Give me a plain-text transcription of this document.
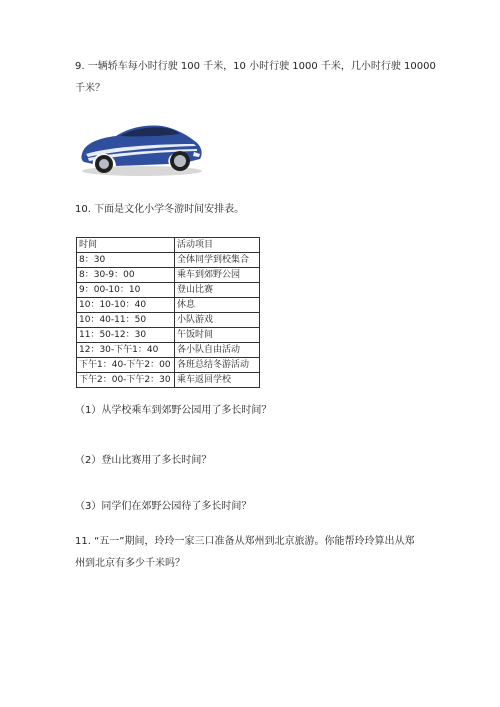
9. 一辆轿车每小时行驶 100 千米，10 小时行驶 1000 千米，几小时行驶 10000
千米？
10. 下面是文化小学冬游时间安排表。
时间	活动项目
8：30	全体同学到校集合
8：30-9：00	乘车到郊野公园
9：00-10：10	登山比赛
10：10-10：40	休息
10：40-11：50	小队游戏
11：50-12：30	午饭时间
12：30-下午1：40	各小队自由活动
下午1：40-下午2：00	各班总结冬游活动
下午2：00-下午2：30	乘车返回学校
（1）从学校乘车到郊野公园用了多长时间？
（2）登山比赛用了多长时间？
（3）同学们在郊野公园待了多长时间？
11. “五一”期间，玲玲一家三口准备从郑州到北京旅游。你能帮玲玲算出从郑
州到北京有多少千米吗？
